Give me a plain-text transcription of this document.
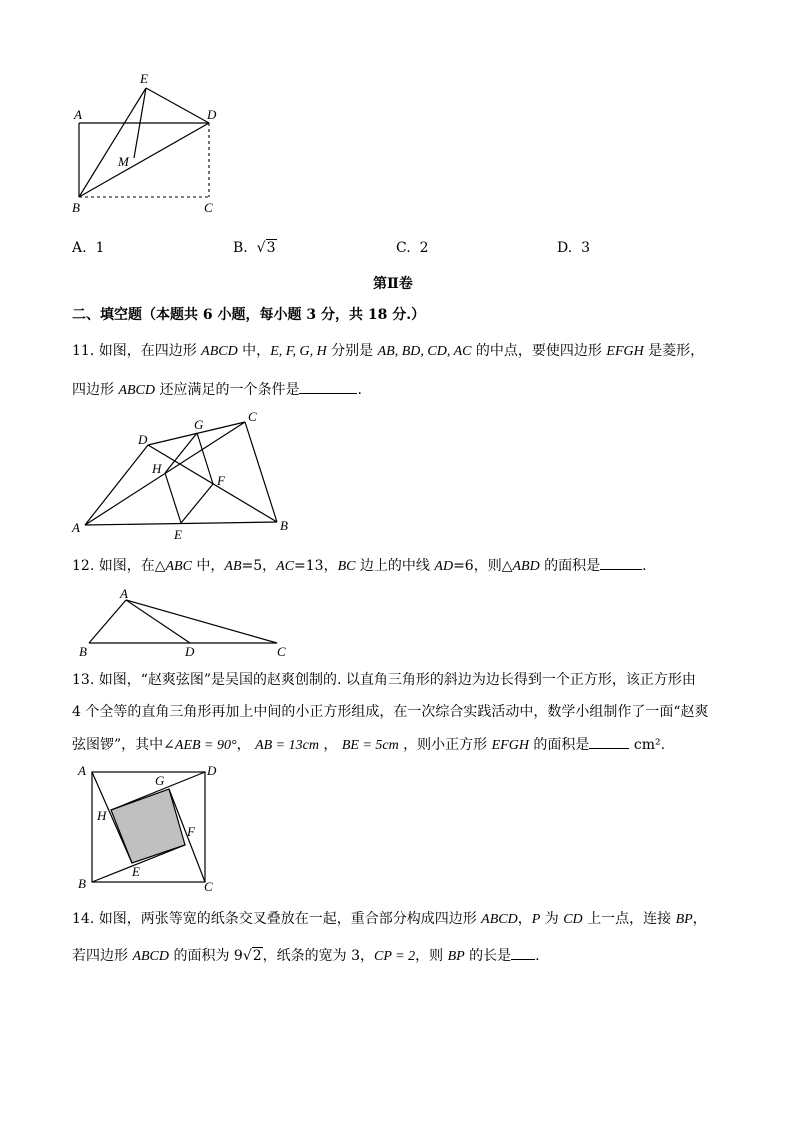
E
A	D
M
B	C
A. 1	B. √3	C. 2	D. 3
第Ⅱ卷
二、填空题（本题共 6 小题，每小题 3 分，共 18 分.）
11. 如图，在四边形 ABCD 中，E, F, G, H 分别是 AB, BD, CD, AC 的中点，要使四边形 EFGH 是菱形，
四边形 ABCD 还应满足的一个条件是	.
D
G
C
H
F
A	E
B
12. 如图，在△ABC 中，AB=5，AC=13，BC 边上的中线 AD=6，则△ABD 的面积是	.
A
B	D	C
13. 如图，“赵爽弦图”是吴国的赵爽创制的. 以直角三角形的斜边为边长得到一个正方形，该正方形由
4 个全等的直角三角形再加上中间的小正方形组成，在一次综合实践活动中，数学小组制作了一面“赵爽
弦图锣”，其中∠AEB = 90°， AB = 13cm ， BE = 5cm ，则小正方形 EFGH 的面积是	cm².
A	D
G
H
F
E
B	C
14. 如图，两张等宽的纸条交叉叠放在一起，重合部分构成四边形 ABCD，P 为 CD 上一点，连接 BP，
若四边形 ABCD 的面积为 9√2，纸条的宽为 3，CP = 2，则 BP 的长是 .
